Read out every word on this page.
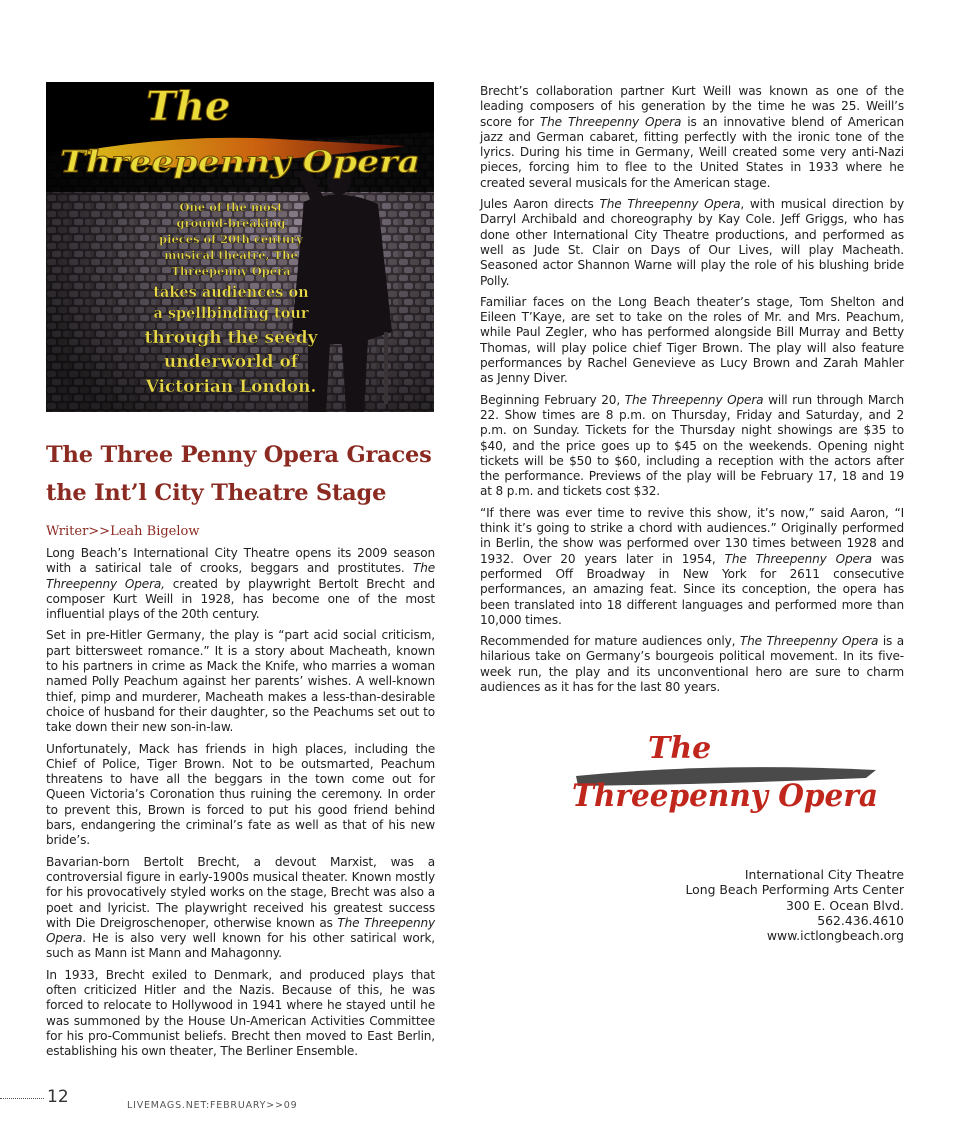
The
Threepenny Opera
One of the most
ground-breaking
pieces of 20th century
musical theatre, The
Threepenny Opera
takes audiences on
a spellbinding tour
through the seedy
underworld of
Victorian London.
The Three Penny Opera Graces the Int’l City Theatre Stage
Writer>>Leah Bigelow

Long Beach’s International City Theatre opens its 2009 season with a satirical tale of crooks, beggars and prostitutes. The Threepenny Opera, created by playwright Bertolt Brecht and composer Kurt Weill in 1928, has become one of the most influential plays of the 20th century.

Set in pre-Hitler Germany, the play is “part acid social criticism, part bittersweet romance.” It is a story about Macheath, known to his partners in crime as Mack the Knife, who marries a woman named Polly Peachum against her parents’ wishes. A well-known thief, pimp and murderer, Macheath makes a less-than-desirable choice of husband for their daughter, so the Peachums set out to take down their new son-in-law.

Unfortunately, Mack has friends in high places, including the Chief of Police, Tiger Brown. Not to be outsmarted, Peachum threatens to have all the beggars in the town come out for Queen Victoria’s Coronation thus ruining the ceremony. In order to prevent this, Brown is forced to put his good friend behind bars, endangering the criminal’s fate as well as that of his new bride’s.

Bavarian-born Bertolt Brecht, a devout Marxist, was a controversial figure in early-1900s musical theater. Known mostly for his provocatively styled works on the stage, Brecht was also a poet and lyricist. The playwright received his greatest success with Die Dreigroschenoper, otherwise known as The Threepenny Opera. He is also very well known for his other satirical work, such as Mann ist Mann and Mahagonny.

In 1933, Brecht exiled to Denmark, and produced plays that often criticized Hitler and the Nazis. Because of this, he was forced to relocate to Hollywood in 1941 where he stayed until he was summoned by the House Un-American Activities Committee for his pro-Communist beliefs. Brecht then moved to East Berlin, establishing his own theater, The Berliner Ensemble.

Brecht’s collaboration partner Kurt Weill was known as one of the leading composers of his generation by the time he was 25. Weill’s score for The Threepenny Opera is an innovative blend of American jazz and German cabaret, fitting perfectly with the ironic tone of the lyrics. During his time in Germany, Weill created some very anti-Nazi pieces, forcing him to flee to the United States in 1933 where he created several musicals for the American stage.

Jules Aaron directs The Threepenny Opera, with musical direction by Darryl Archibald and choreography by Kay Cole. Jeff Griggs, who has done other International City Theatre productions, and performed as well as Jude St. Clair on Days of Our Lives, will play Macheath. Seasoned actor Shannon Warne will play the role of his blushing bride Polly.

Familiar faces on the Long Beach theater’s stage, Tom Shelton and Eileen T’Kaye, are set to take on the roles of Mr. and Mrs. Peachum, while Paul Zegler, who has performed alongside Bill Murray and Betty Thomas, will play police chief Tiger Brown. The play will also feature performances by Rachel Genevieve as Lucy Brown and Zarah Mahler as Jenny Diver.

Beginning February 20, The Threepenny Opera will run through March 22. Show times are 8 p.m. on Thursday, Friday and Saturday, and 2 p.m. on Sunday. Tickets for the Thursday night showings are $35 to $40, and the price goes up to $45 on the weekends. Opening night tickets will be $50 to $60, including a reception with the actors after the performance. Previews of the play will be February 17, 18 and 19 at 8 p.m. and tickets cost $32.

“If there was ever time to revive this show, it’s now,” said Aaron, “I think it’s going to strike a chord with audiences.” Originally performed in Berlin, the show was performed over 130 times between 1928 and 1932. Over 20 years later in 1954, The Threepenny Opera was performed Off Broadway in New York for 2611 consecutive performances, an amazing feat. Since its conception, the opera has been translated into 18 different languages and performed more than 10,000 times.

Recommended for mature audiences only, The Threepenny Opera is a hilarious take on Germany’s bourgeois political movement. In its five-week run, the play and its unconventional hero are sure to charm audiences as it has for the last 80 years.

The
Threepenny Opera
International City Theatre
Long Beach Performing Arts Center
300 E. Ocean Blvd.
562.436.4610
www.ictlongbeach.org
12	LIVEMAGS.NET:FEBRUARY>>09
